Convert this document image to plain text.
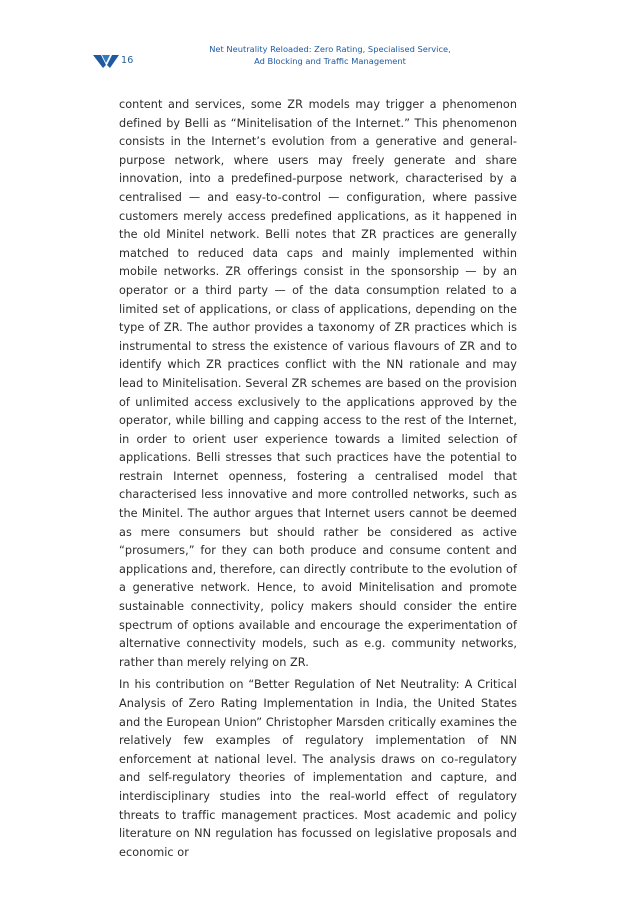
16
Net Neutrality Reloaded: Zero Rating, Specialised Service,
Ad Blocking and Traffic Management

content and services, some ZR models may trigger a phenomenon defined by Belli as “Minitelisation of the Internet.” This phenomenon consists in the Internet’s evolution from a generative and general-purpose network, where users may freely generate and share innovation, into a predefined-purpose network, characterised by a centralised — and easy-to-control — configuration, where passive customers merely access predefined applications, as it happened in the old Minitel network. Belli notes that ZR practices are generally matched to reduced data caps and mainly implemented within mobile networks. ZR offerings consist in the sponsorship — by an operator or a third party — of the data consumption related to a limited set of applications, or class of applications, depending on the type of ZR. The author provides a taxonomy of ZR practices which is instrumental to stress the existence of various flavours of ZR and to identify which ZR practices conflict with the NN rationale and may lead to Minitelisation. Several ZR schemes are based on the provision of unlimited access exclusively to the applications approved by the operator, while billing and capping access to the rest of the Internet, in order to orient user experience towards a limited selection of applications. Belli stresses that such practices have the potential to restrain Internet openness, fostering a centralised model that characterised less innovative and more controlled networks, such as the Minitel. The author argues that Internet users cannot be deemed as mere consumers but should rather be considered as active “prosumers,” for they can both produce and consume content and applications and, therefore, can directly contribute to the evolution of a generative network. Hence, to avoid Minitelisation and promote sustainable connectivity, policy makers should consider the entire spectrum of options available and encourage the experimentation of alternative connectivity models, such as e.g. community networks, rather than merely relying on ZR.

In his contribution on “Better Regulation of Net Neutrality: A Critical Analysis of Zero Rating Implementation in India, the United States and the European Union” Christopher Marsden critically examines the relatively few examples of regulatory implementation of NN enforcement at national level. The analysis draws on co-regulatory and self-regulatory theories of implementation and capture, and interdisciplinary studies into the real-world effect of regulatory threats to traffic management practices. Most academic and policy literature on NN regulation has focussed on legislative proposals and economic or
